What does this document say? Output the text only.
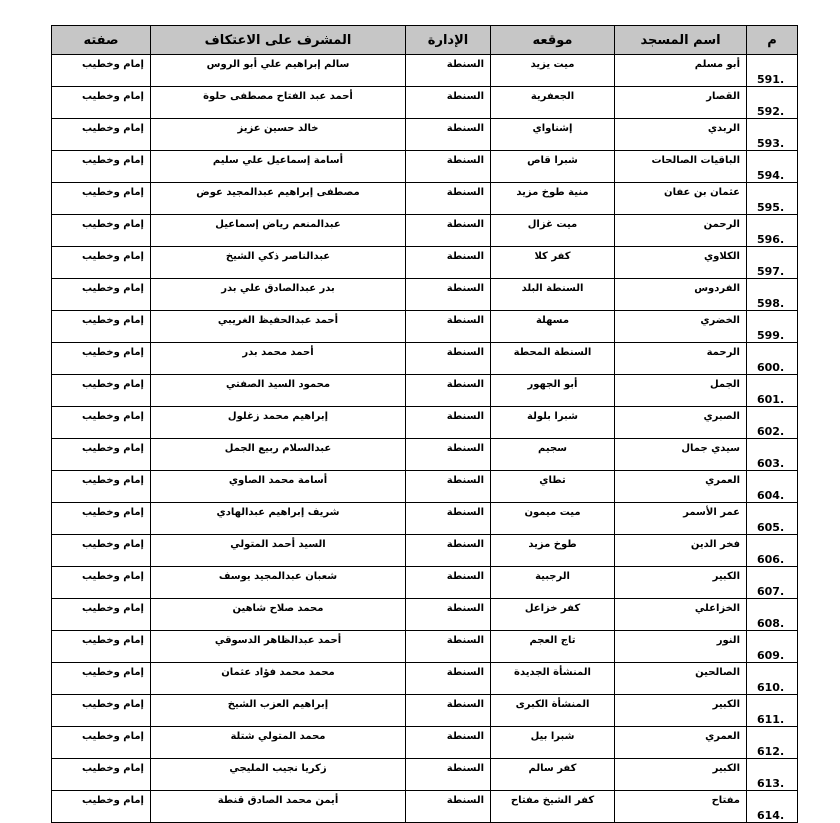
م	اسم المسجد	موقعه	الإدارة	المشرف على الاعتكاف	صفته
.591	أبو مسلم	ميت يزيد	السنطة	سالم إبراهيم علي أبو الروس	إمام وخطيب
.592	القصار	الجعفرية	السنطة	أحمد عبد الفتاح مصطفى حلوة	إمام وخطيب
.593	الربدي	إشناواي	السنطة	خالد حسين عزيز	إمام وخطيب
.594	الباقيات الصالحات	شبرا قاص	السنطة	أسامة إسماعيل علي سليم	إمام وخطيب
.595	عثمان بن عفان	منية طوخ مزيد	السنطة	مصطفى إبراهيم عبدالمجيد عوض	إمام وخطيب
.596	الرحمن	ميت غزال	السنطة	عبدالمنعم رياض إسماعيل	إمام وخطيب
.597	الكلاوي	كفر كلا	السنطة	عبدالناصر ذكي الشيخ	إمام وخطيب
.598	الفردوس	السنطة البلد	السنطة	بدر عبدالصادق علي بدر	إمام وخطيب
.599	الخضري	مسهلة	السنطة	أحمد عبدالحفيظ الغريبي	إمام وخطيب
.600	الرحمة	السنطة المحطة	السنطة	أحمد محمد بدر	إمام وخطيب
.601	الجمل	أبو الجهور	السنطة	محمود السيد الصفتي	إمام وخطيب
.602	الصبري	شبرا بلولة	السنطة	إبراهيم محمد زغلول	إمام وخطيب
.603	سيدي جمال	سجيم	السنطة	عبدالسلام ربيع الجمل	إمام وخطيب
.604	العمري	تطاي	السنطة	أسامة محمد الصاوي	إمام وخطيب
.605	عمر الأسمر	ميت ميمون	السنطة	شريف إبراهيم عبدالهادي	إمام وخطيب
.606	فخر الدين	طوخ مزيد	السنطة	السيد أحمد المتولي	إمام وخطيب
.607	الكبير	الرجبية	السنطة	شعبان عبدالمجيد يوسف	إمام وخطيب
.608	الخزاعلي	كفر خزاعل	السنطة	محمد صلاح شاهين	إمام وخطيب
.609	النور	تاج العجم	السنطة	أحمد عبدالظاهر الدسوقي	إمام وخطيب
.610	الصالحين	المنشأة الجديدة	السنطة	محمد محمد فؤاد عثمان	إمام وخطيب
.611	الكبير	المنشأة الكبرى	السنطة	إبراهيم العزب الشيخ	إمام وخطيب
.612	العمري	شبرا بيل	السنطة	محمد المتولي شتلة	إمام وخطيب
.613	الكبير	كفر سالم	السنطة	زكريا نجيب المليجي	إمام وخطيب
.614	مفتاح	كفر الشيخ مفتاح	السنطة	أيمن محمد الصادق قنطة	إمام وخطيب
